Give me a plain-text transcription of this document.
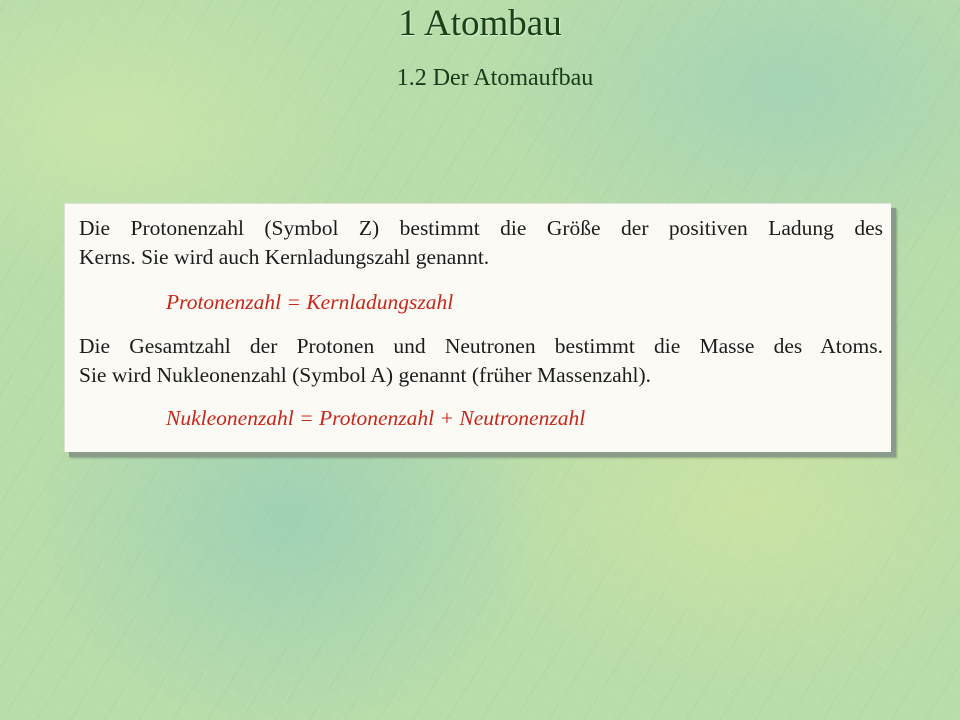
1 Atombau
1.2 Der Atomaufbau
Die Protonenzahl (Symbol Z) bestimmt die Größe der positiven Ladung des
Kerns. Sie wird auch Kernladungszahl genannt.
Protonenzahl = Kernladungszahl
Die Gesamtzahl der Protonen und Neutronen bestimmt die Masse des Atoms.
Sie wird Nukleonenzahl (Symbol A) genannt (früher Massenzahl).
Nukleonenzahl = Protonenzahl + Neutronenzahl
